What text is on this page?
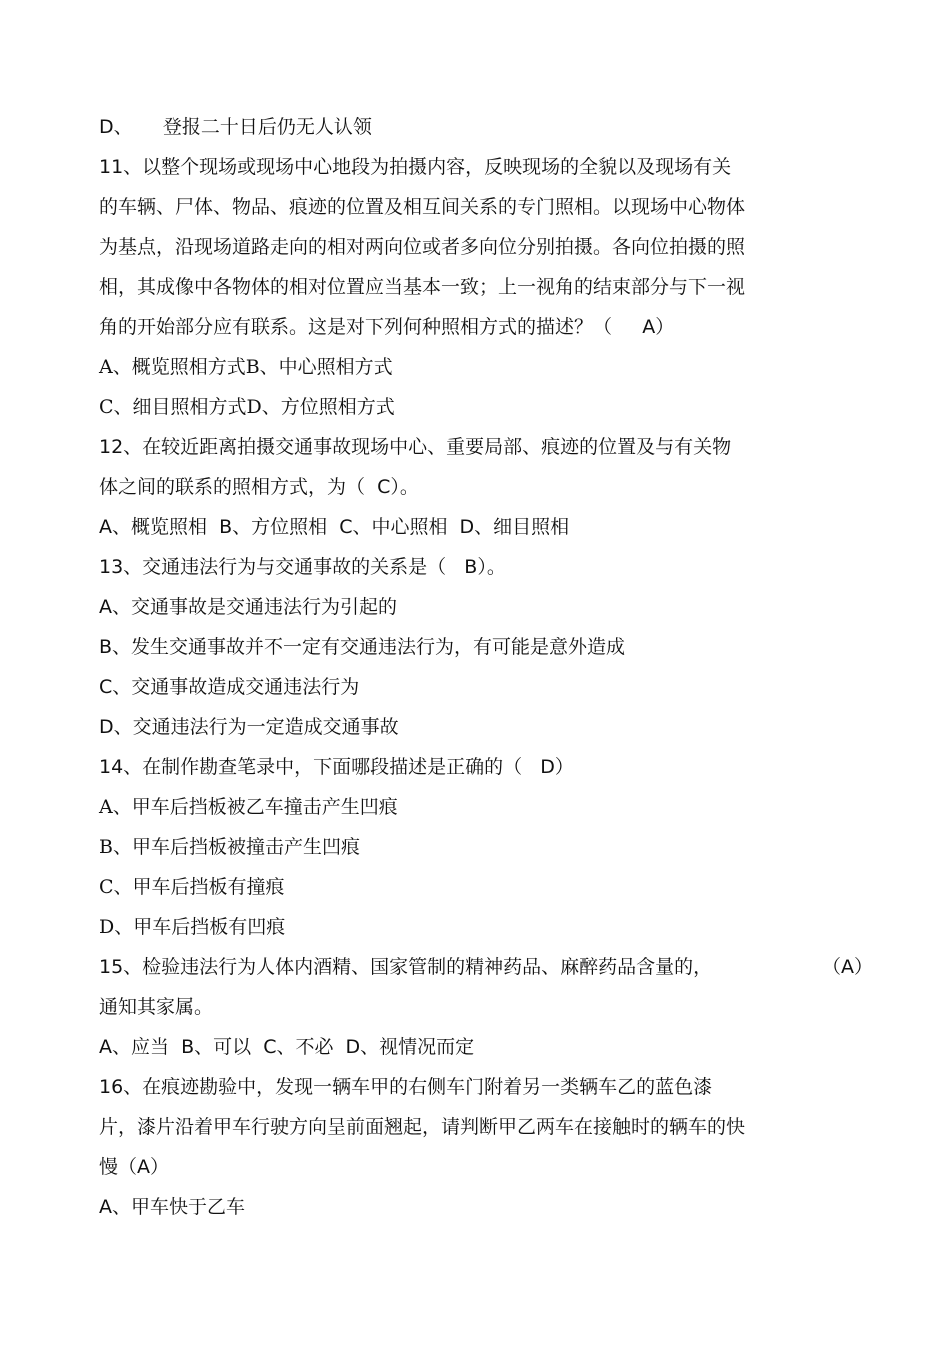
D、     登报二十日后仍无人认领
11、以整个现场或现场中心地段为拍摄内容，反映现场的全貌以及现场有关
的车辆、尸体、物品、痕迹的位置及相互间关系的专门照相。以现场中心物体
为基点，沿现场道路走向的相对两向位或者多向位分别拍摄。各向位拍摄的照
相，其成像中各物体的相对位置应当基本一致；上一视角的结束部分与下一视
角的开始部分应有联系。这是对下列何种照相方式的描述？（     A）
A、概览照相方式B、中心照相方式
C、细目照相方式D、方位照相方式
12、在较近距离拍摄交通事故现场中心、重要局部、痕迹的位置及与有关物
体之间的联系的照相方式，为（  C）。
A、概览照相  B、方位照相  C、中心照相  D、细目照相
13、交通违法行为与交通事故的关系是（   B）。
A、交通事故是交通违法行为引起的
B、发生交通事故并不一定有交通违法行为，有可能是意外造成
C、交通事故造成交通违法行为
D、交通违法行为一定造成交通事故
14、在制作勘查笔录中，下面哪段描述是正确的（   D）
A、甲车后挡板被乙车撞击产生凹痕
B、甲车后挡板被撞击产生凹痕
C、甲车后挡板有撞痕
D、甲车后挡板有凹痕
15、检验违法行为人体内酒精、国家管制的精神药品、麻醉药品含量的，	（A）
通知其家属。
A、应当  B、可以  C、不必  D、视情况而定
16、在痕迹勘验中，发现一辆车甲的右侧车门附着另一类辆车乙的蓝色漆
片，漆片沿着甲车行驶方向呈前面翘起，请判断甲乙两车在接触时的辆车的快
慢（A）
A、甲车快于乙车
